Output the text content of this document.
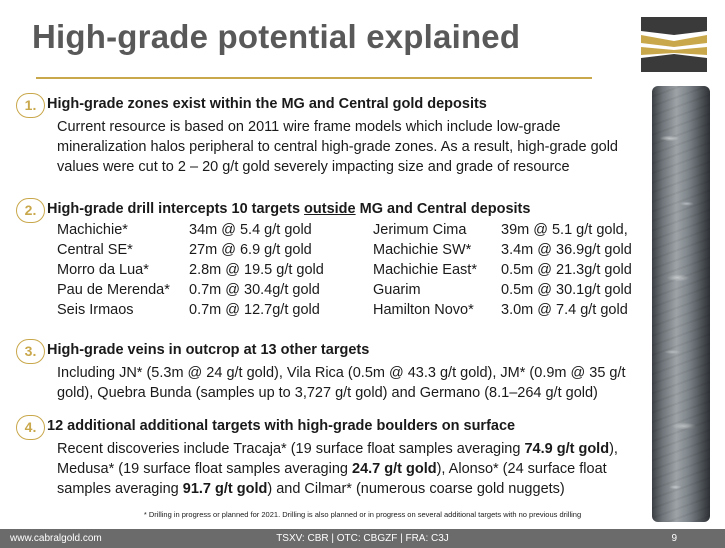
High-grade potential explained
1. High-grade zones exist within the MG and Central gold deposits
Current resource is based on 2011 wire frame models which include low-grade mineralization halos peripheral to central high-grade zones. As a result, high-grade gold values were cut to 2 – 20 g/t gold severely impacting size and grade of resource
2. High-grade drill intercepts 10 targets outside MG and Central deposits
Machichie*	34m @ 5.4 g/t gold	Jerimum Cima 39m @ 5.1 g/t gold,
Central SE*	27m @ 6.9 g/t gold	Machichie SW* 3.4m @ 36.9g/t gold
Morro da Lua*	2.8m @ 19.5 g/t gold	Machichie East* 0.5m @ 21.3g/t gold
Pau de Merenda* 0.7m @ 30.4g/t gold	Guarim	0.5m @ 30.1g/t gold
Seis Irmaos	0.7m @ 12.7g/t gold	Hamilton Novo* 3.0m @ 7.4 g/t gold
3. High-grade veins in outcrop at 13 other targets
Including JN* (5.3m @ 24 g/t gold), Vila Rica (0.5m @ 43.3 g/t gold), JM* (0.9m @ 35 g/t gold), Quebra Bunda (samples up to 3,727 g/t gold) and Germano (8.1–264 g/t gold)
4. 12 additional additional targets with high-grade boulders on surface
Recent discoveries include Tracaja* (19 surface float samples averaging 74.9 g/t gold), Medusa* (19 surface float samples averaging 24.7 g/t gold), Alonso* (24 surface float samples averaging 91.7 g/t gold) and Cilmar* (numerous coarse gold nuggets)
* Drilling in progress or planned for 2021. Drilling is also planned or in progress on several additional targets with no previous drilling
www.cabralgold.com	TSXV: CBR | OTC: CBGZF | FRA: C3J	9
